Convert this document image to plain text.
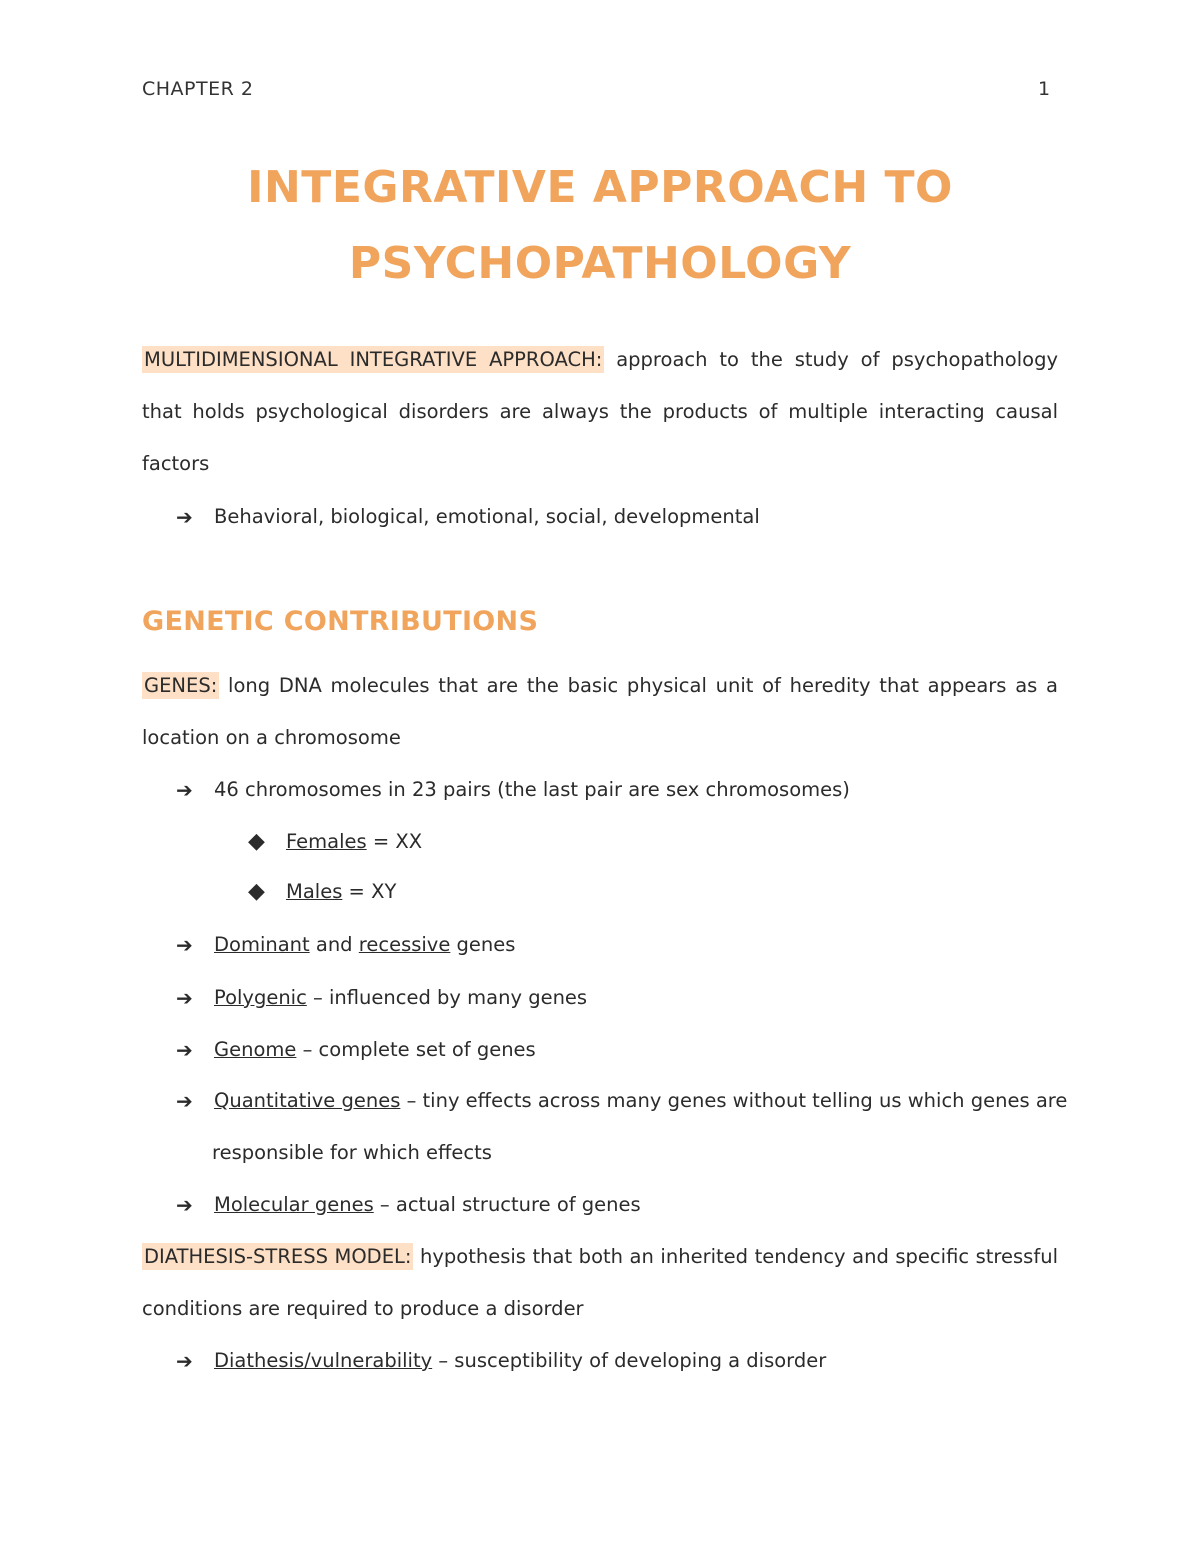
CHAPTER 2	1
INTEGRATIVE APPROACH TO
PSYCHOPATHOLOGY
MULTIDIMENSIONAL INTEGRATIVE APPROACH: approach to the study of psychopathology that holds psychological disorders are always the products of multiple interacting causal factors
➔ Behavioral, biological, emotional, social, developmental
GENETIC CONTRIBUTIONS
GENES: long DNA molecules that are the basic physical unit of heredity that appears as a location on a chromosome
➔ 46 chromosomes in 23 pairs (the last pair are sex chromosomes)
◆ Females = XX
◆ Males = XY
➔ Dominant and recessive genes
➔ Polygenic – influenced by many genes
➔ Genome – complete set of genes
➔ Quantitative genes – tiny effects across many genes without telling us which genes are
responsible for which effects
➔ Molecular genes – actual structure of genes
DIATHESIS-STRESS MODEL: hypothesis that both an inherited tendency and specific stressful conditions are required to produce a disorder
➔ Diathesis/vulnerability – susceptibility of developing a disorder
